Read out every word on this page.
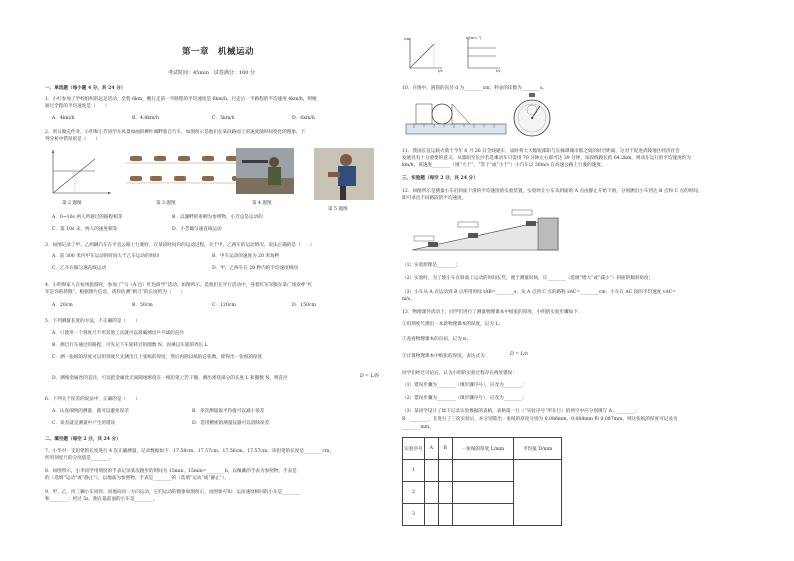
第一章　机械运动
考试时间：45min　试卷满分：100 分
一、单选题（每小题 4 分，共 24 分）
1．小红参加了学校组织的远足活动，全程 6km，她行走前一半路程的平均速度是 6km/h，行走后一半路程的平均速度 4km/h，则她
通过全程的平均速度是（　　）
A．4km/h	B．4.8km/h	C．5km/h	D．6km/h
2．周日做完作业，小明和小芳同学在风景如画的柳叶湖畔骑自行车，如图所示是他们在某段路面上的速度随时间变化的图象，下
列分析中错误的是（　　）
第 2 题图	第 3 题图	第 4 题图
第 5 题图
A．0~10s 两人所通过的路程相等	B．以湖畔的垂柳为参照物，小芳总是运动的
C．第 10s 末，两人的速度相等	D．小芳做匀速直线运动
3．如图记录了甲、乙两辆汽车在平直公路上行驶时，在某段时间内的运动过程，关于甲、乙两车的运动情况，说法正确的是（　　）
A．前 300 米内甲车运动的时间大于乙车运动的时间	B．甲车运动的速度为 20 米每秒
C．乙车在做匀速直线运动	D．甲、乙两车在 20 秒内的平均速度相同
4．小明和家人在杭州旅游时，参加了“马（A 包）红色研学”活动，如图所示，是他们在步行活动中，身着红军军服在某广场欢呼“红
军是你的骄傲”。根据图片信息，请你估测“刺刀”的长度约为（　　）
A．20cm	B．50cm	C．120cm	D．150cm
5．下列测量长度的方法，不正确的是（　　）
A．只使用一个刻度尺不用其他工具就可以准确测出乒乓球的直径
B．测自行车通过的路程，可先记下车轮转过的圈数 N，再乘以车轮的周长 L
C．测一张纸的厚度可以用刻度尺先测出几十张纸的厚度，然后再除以纸的总张数，即得出一张纸的厚度
D．测细金属丝的直径，可以把金属丝无间隙地密绕在一根铅笔上若干圈，测出密绕部分的长度 L 和圈数 N，则直径	D = L/N
6．下列关于误差的说法中，正确的是（　　）
A．认真细致的测量，就可以避免误差	B．多次测量取平均值可以减小误差
C．误差就是测量中产生的错误	D．选用精密的测量仪器可以消除误差
二、填空题（每空 2 分，共 24 分）
7．小华对一支铅笔的长度进行 4 次正确测量，记录数据如下：17.58cm、17.57cm、17.56cm、17.57cm，该铅笔的长度是________cm，
所用刻度尺的分度值是________。
8．如图所示，小李同学用刻度的手表记录某次跑步的时间为 15min，15min=________h，以佩戴的手表为参照物，手表是
的（选填“运动”或“静止”），以地面为参照物，手表是________的（选填“运动”或“静止”）。
9．甲、乙、丙三辆小车同时、同地向同一方向运动，它们运动的图象如图所示，由图象可知：运动速度相同的小车是________
和________；经过 5s，跑在最前面的小车是________。
s/m
t/s
v/(m·s⁻¹)
t/s
10．在图中，圆筒的直径 d 为________cm；秒表的读数为________s。
11．我国长征运载火箭于今年 6 月 26 日全线通车，届时将大大缩短邵阳与长株潭城市群之间的时空距离，这对于促进武陵地区经济社会
发展具有十分重要的意义。从邵阳至长沙若选乘动车只需用 70 分钟左右即可达 39 分钟，该段线路长约 64.2km，则动车运行的平均速度约为
km/h，该速度________（填“大于”、“等于”或“小于”）小汽车以 30m/s 在高速公路上行驶的速度。
三、实验题（每空 2 分，共 24 分）
12．如图所示是测量小车沿斜面下滑的平均速度的实验装置，实验时让小车从斜面的 A 点由静止开始下滑，分别测出小车到达 B 点和 C 点的时间，
即可求出不同路段的平均速度。
（1）实验原理是________；
（2）实验时，为了使小车在斜面上运动的时间长些，便于测量时间，应________（选填“增大”或“减小”）斜面的倾斜角度；
（3）小车从 A 点运动到 B 点所用时间 tAB=________s；从 A 点到 C 点的路程 sAC=________cm；小车在 AC 段的平均速度 vAC=
m/s。
13．物理课外活动上，同学们进行了测量物理课本中纸张的厚度，小明的实验步骤如下：
①用刻度尺测出一本新物理课本的厚度，记为 L；
②查看物理课本的页码，记为 n；
③计算物理课本中纸张的厚度，表达式为	D = L/n
同学们经过讨论后，认为小明的实验过程存在两处错误：
（1）错误步骤为________（填步骤序号），应改为________；
（2）错误步骤为________（填步骤序号），应改为________；
（3）某同学设计了如下记录实验数据的表格，表格第一行（“实验序号”所在行）的两空中应分别填写 A：________；
B：________，在进行了三次实验后，并分别算出一张纸的厚度分别为 0.086mm、0.088mm 和 0.087mm，则这张纸的厚度可记录为
________mm。
实验序号	A	B	一张纸的厚度 L/mm	平均值 D/mm
1				
2				
3				
